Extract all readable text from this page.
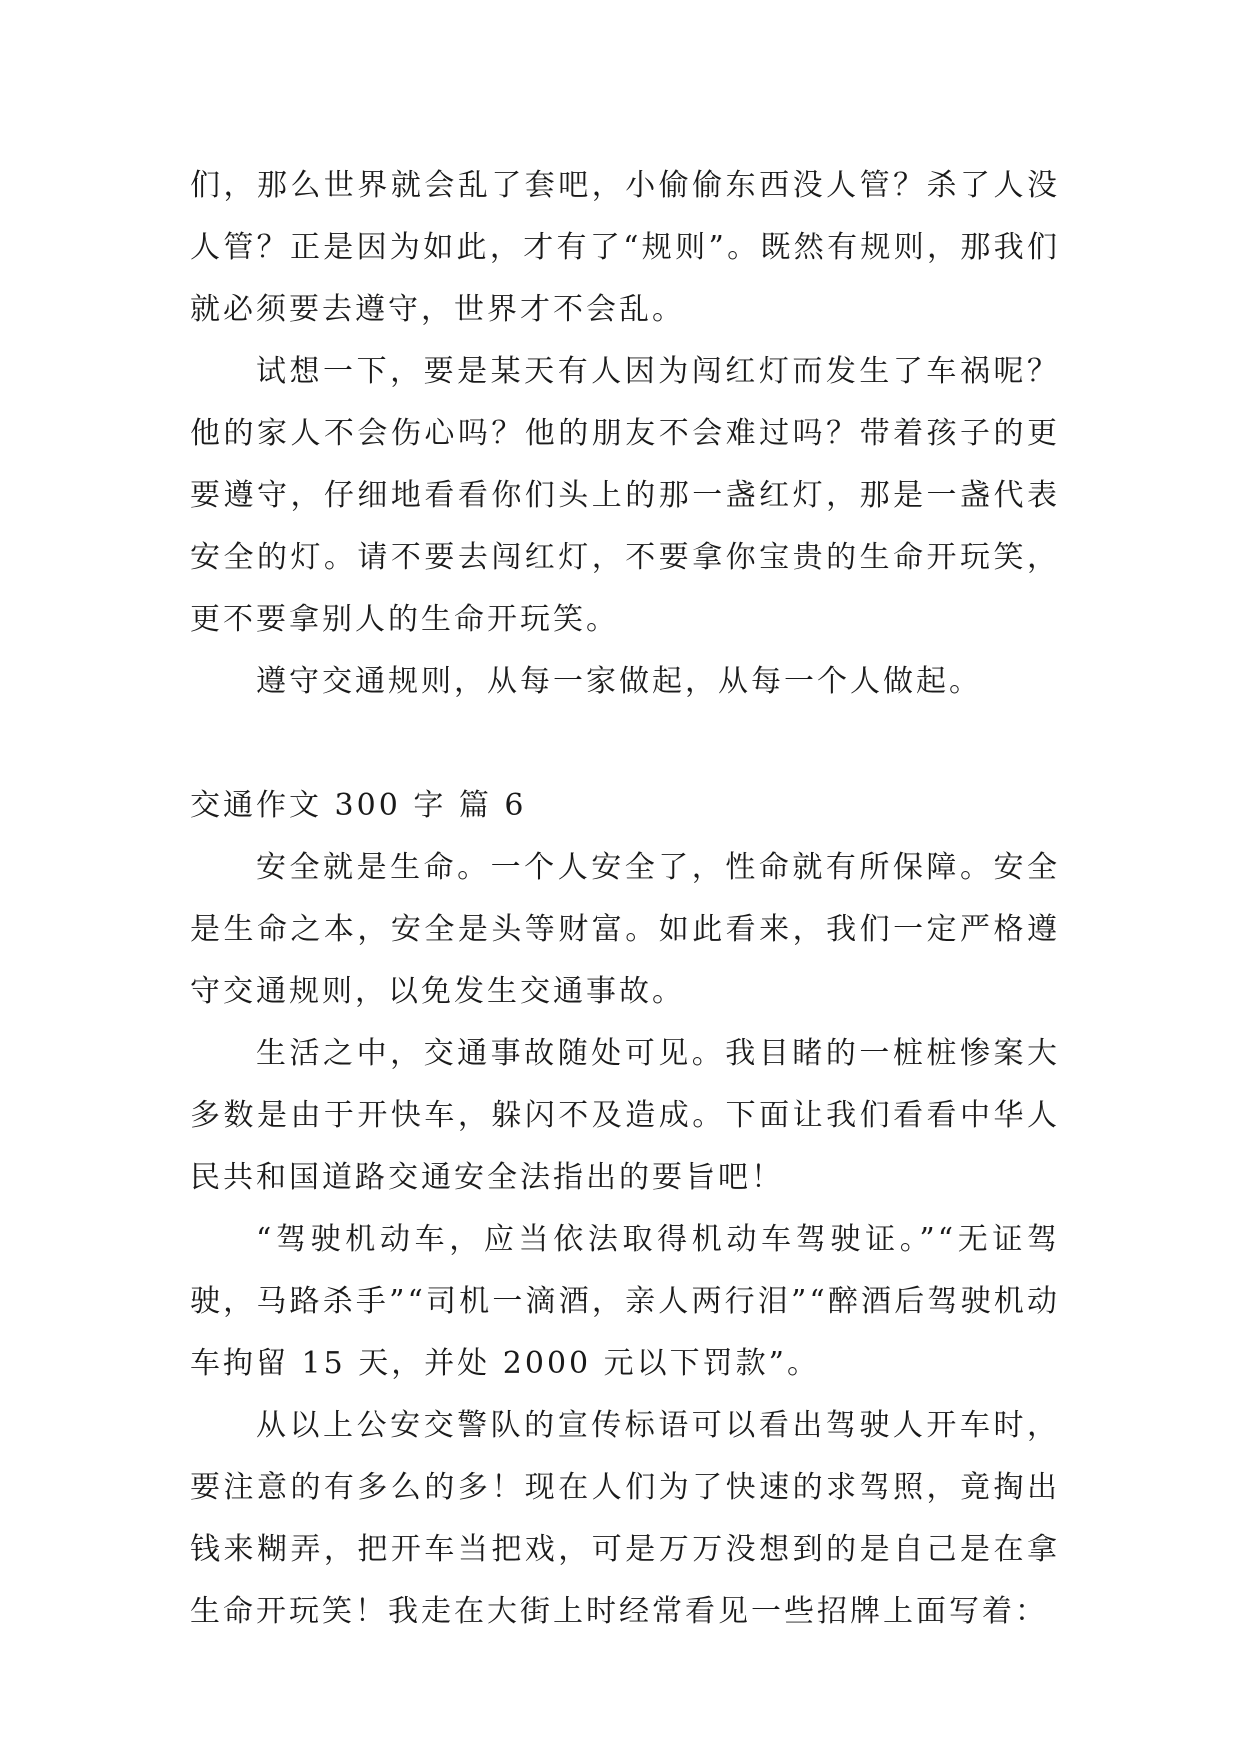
们，那么世界就会乱了套吧，小偷偷东西没人管？杀了人没人管？正是因为如此，才有了“规则”。既然有规则，那我们就必须要去遵守，世界才不会乱。

试想一下，要是某天有人因为闯红灯而发生了车祸呢？他的家人不会伤心吗？他的朋友不会难过吗？带着孩子的更要遵守，仔细地看看你们头上的那一盏红灯，那是一盏代表安全的灯。请不要去闯红灯，不要拿你宝贵的生命开玩笑，更不要拿别人的生命开玩笑。

遵守交通规则，从每一家做起，从每一个人做起。

交通作文 300 字 篇 6

安全就是生命。一个人安全了，性命就有所保障。安全是生命之本，安全是头等财富。如此看来，我们一定严格遵守交通规则，以免发生交通事故。

生活之中，交通事故随处可见。我目睹的一桩桩惨案大多数是由于开快车，躲闪不及造成。下面让我们看看中华人民共和国道路交通安全法指出的要旨吧！

“驾驶机动车，应当依法取得机动车驾驶证。”“无证驾驶，马路杀手”“司机一滴酒，亲人两行泪”“醉酒后驾驶机动车拘留 15 天，并处 2000 元以下罚款”。

从以上公安交警队的宣传标语可以看出驾驶人开车时，要注意的有多么的多！现在人们为了快速的求驾照，竟掏出钱来糊弄，把开车当把戏，可是万万没想到的是自己是在拿生命开玩笑！我走在大街上时经常看见一些招牌上面写着：
